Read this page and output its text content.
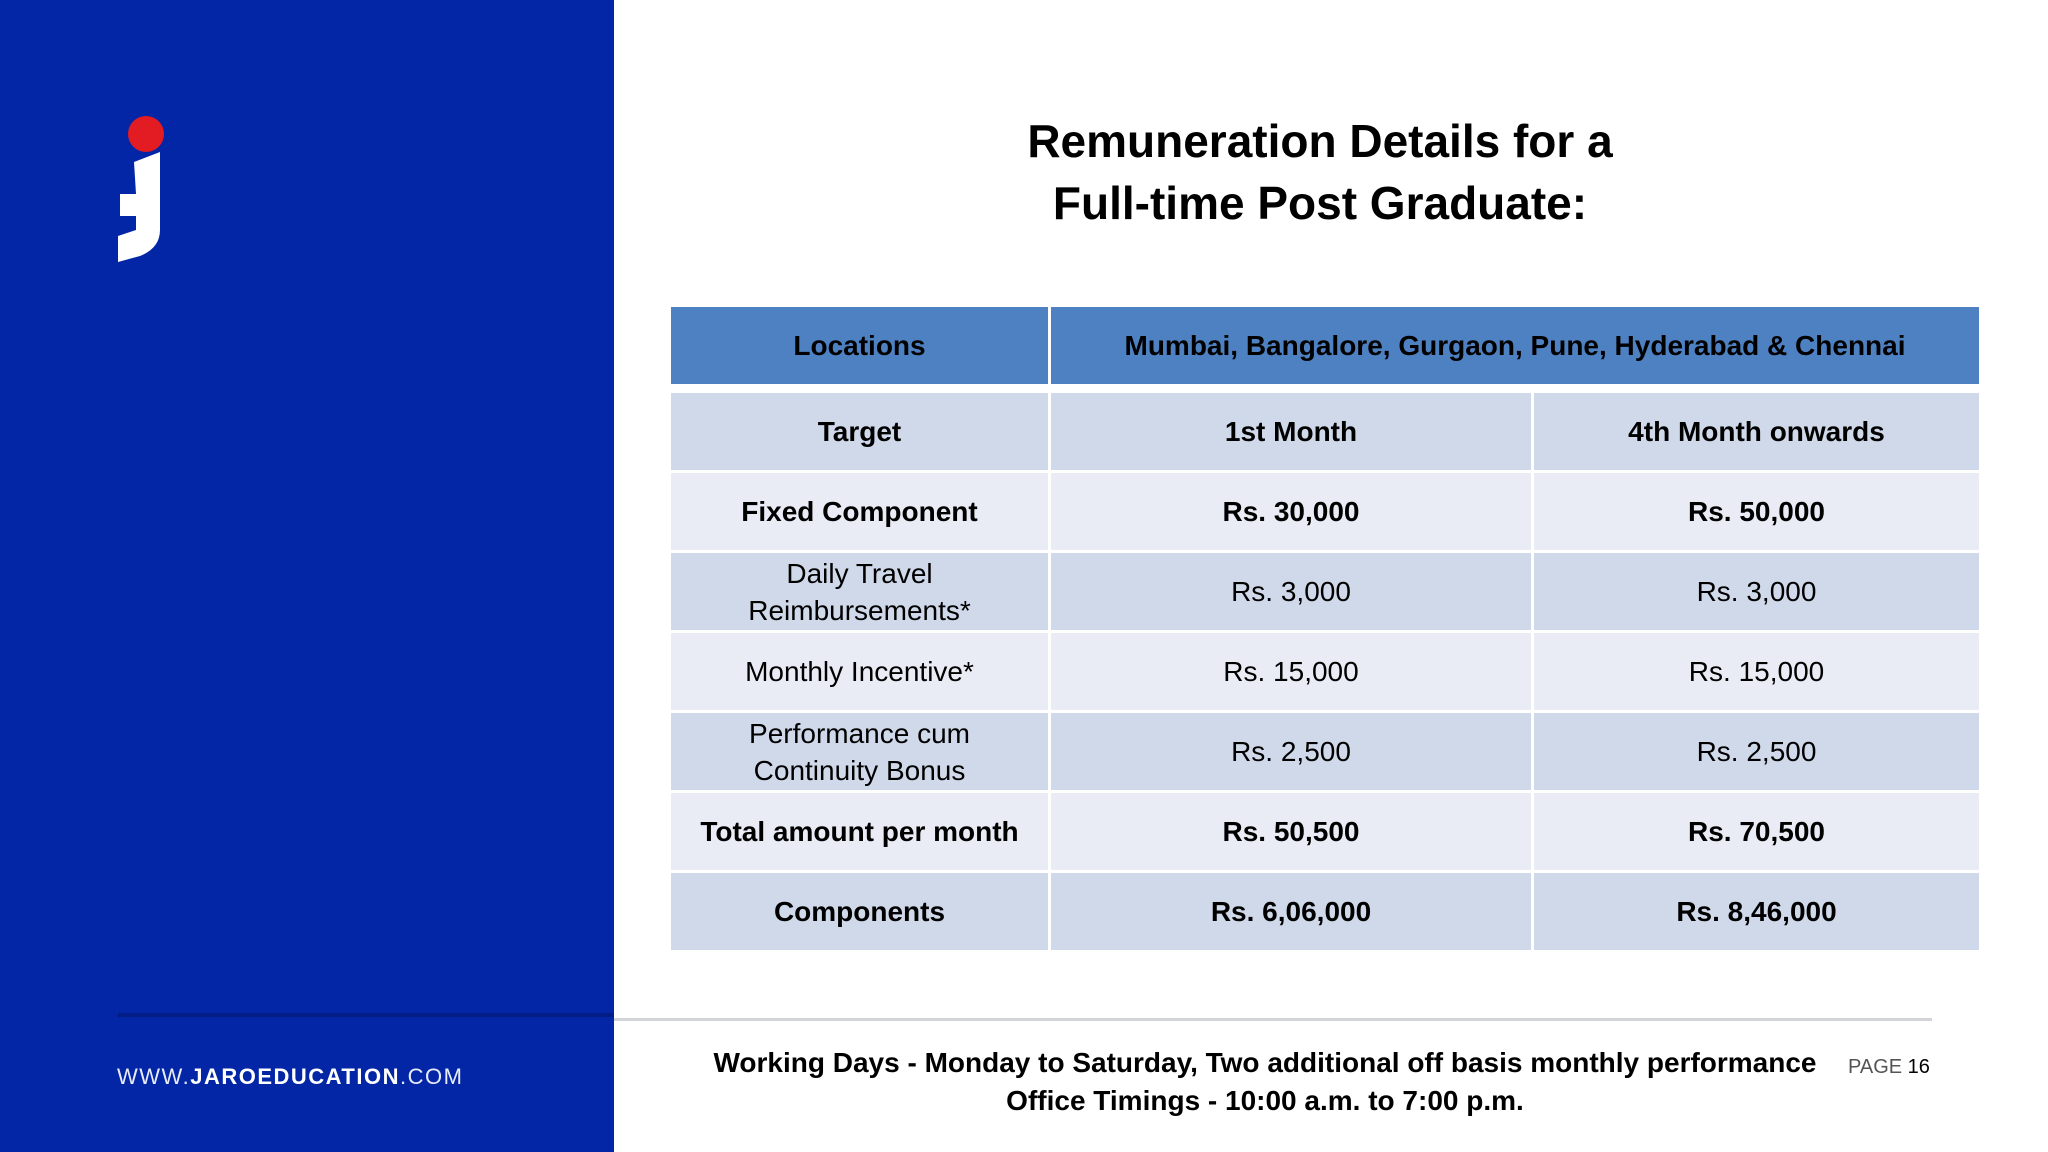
WWW.JAROEDUCATION.COM
Remuneration Details for a
Full-time Post Graduate:
Locations	Mumbai, Bangalore, Gurgaon, Pune, Hyderabad & Chennai	

Target	1st Month	4th Month onwards
Fixed Component	Rs. 30,000	Rs. 50,000
Daily Travel Reimbursements*	Rs. 3,000	Rs. 3,000
Monthly Incentive*	Rs. 15,000	Rs. 15,000
Performance cum Continuity Bonus	Rs. 2,500	Rs. 2,500
Total amount per month	Rs. 50,500	Rs. 70,500
Components	Rs. 6,06,000	Rs. 8,46,000
Working Days - Monday to Saturday, Two additional off basis monthly performance
Office Timings - 10:00 a.m. to 7:00 p.m.
PAGE 16
